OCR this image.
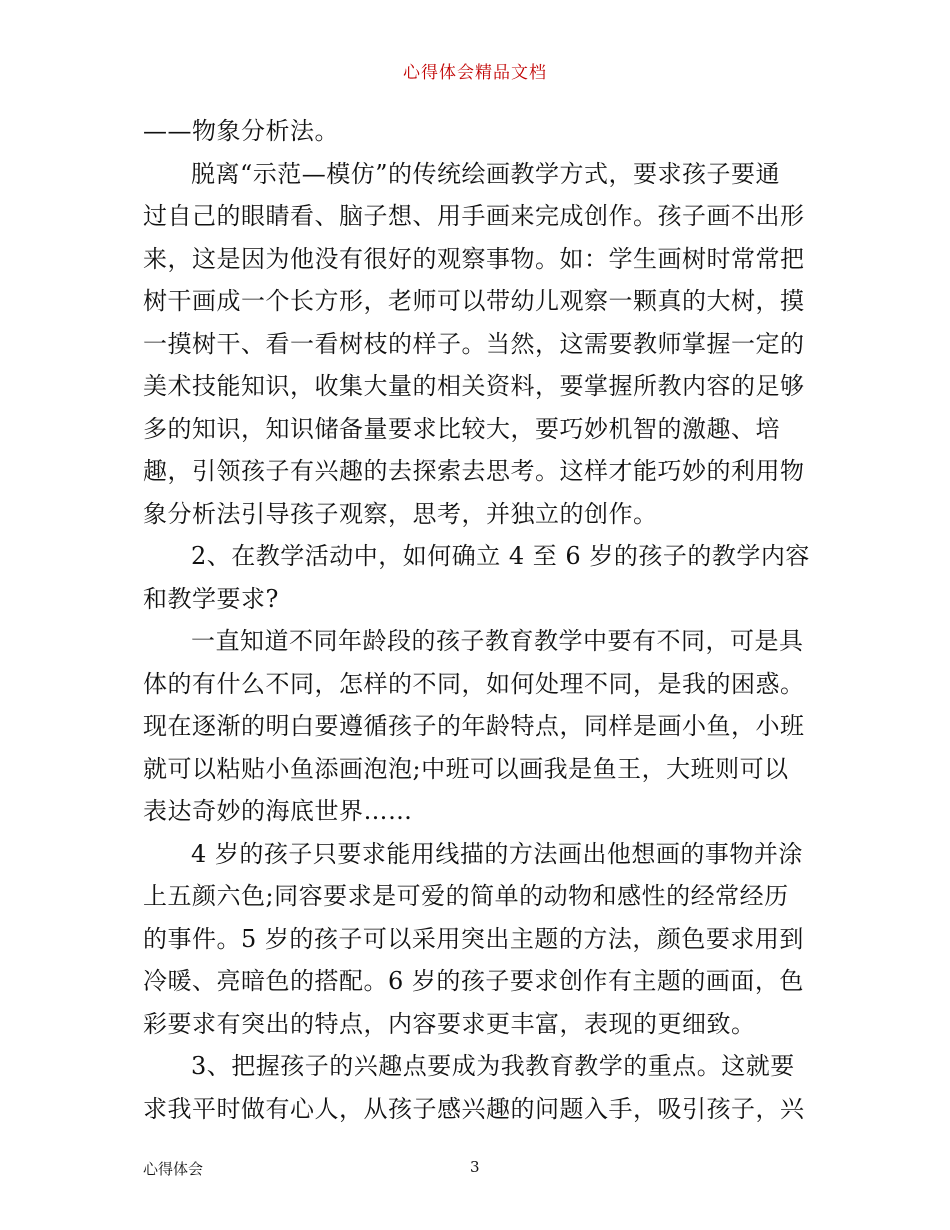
心得体会精品文档
——物象分析法。
脱离“示范—模仿”的传统绘画教学方式，要求孩子要通
过自己的眼睛看、脑子想、用手画来完成创作。孩子画不出形
来，这是因为他没有很好的观察事物。如：学生画树时常常把
树干画成一个长方形，老师可以带幼儿观察一颗真的大树，摸
一摸树干、看一看树枝的样子。当然，这需要教师掌握一定的
美术技能知识，收集大量的相关资料，要掌握所教内容的足够
多的知识，知识储备量要求比较大，要巧妙机智的激趣、培
趣，引领孩子有兴趣的去探索去思考。这样才能巧妙的利用物
象分析法引导孩子观察，思考，并独立的创作。
2、在教学活动中，如何确立 4 至 6 岁的孩子的教学内容
和教学要求?
一直知道不同年龄段的孩子教育教学中要有不同，可是具
体的有什么不同，怎样的不同，如何处理不同，是我的困惑。
现在逐渐的明白要遵循孩子的年龄特点，同样是画小鱼，小班
就可以粘贴小鱼添画泡泡;中班可以画我是鱼王，大班则可以
表达奇妙的海底世界……
4 岁的孩子只要求能用线描的方法画出他想画的事物并涂
上五颜六色;同容要求是可爱的简单的动物和感性的经常经历
的事件。5 岁的孩子可以采用突出主题的方法，颜色要求用到
冷暖、亮暗色的搭配。6 岁的孩子要求创作有主题的画面，色
彩要求有突出的特点，内容要求更丰富，表现的更细致。
3、把握孩子的兴趣点要成为我教育教学的重点。这就要
求我平时做有心人，从孩子感兴趣的问题入手，吸引孩子，兴
心得体会	3
